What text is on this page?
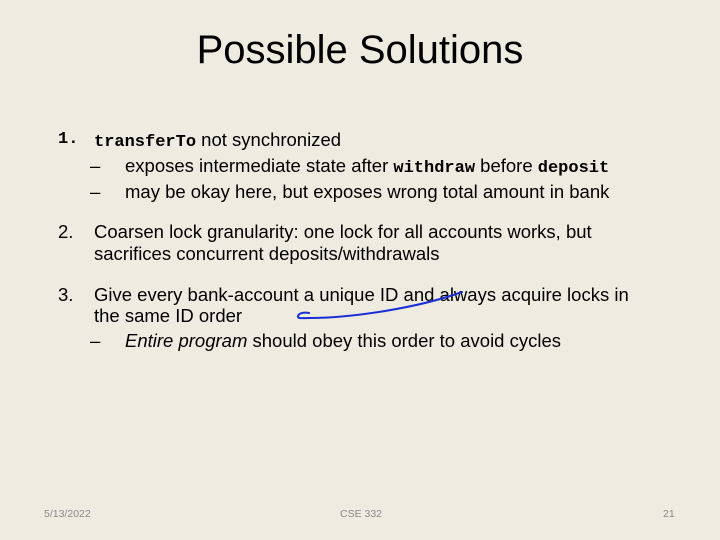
Possible Solutions
1. transferTo not synchronized
– exposes intermediate state after withdraw before deposit
– may be okay here, but exposes wrong total amount in bank
2. Coarsen lock granularity: one lock for all accounts works, but
sacrifices concurrent deposits/withdrawals
3. Give every bank-account a unique ID and always acquire locks in
the same ID order
– Entire program should obey this order to avoid cycles
5/13/2022	CSE 332	21
